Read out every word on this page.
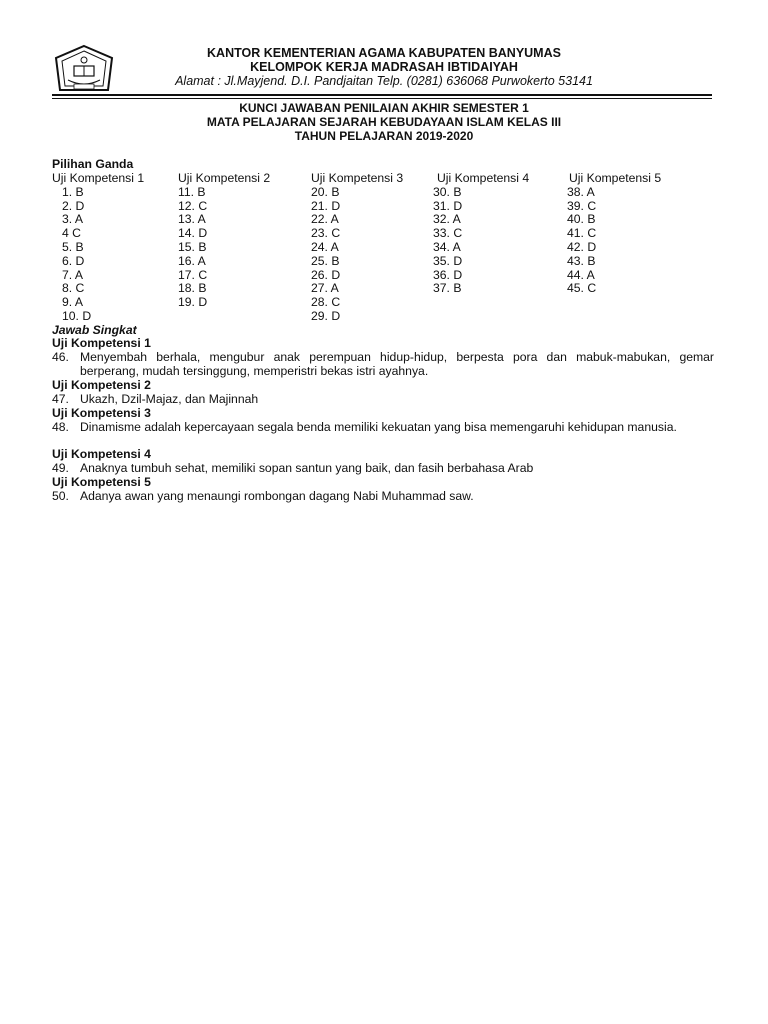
KANTOR KEMENTERIAN AGAMA KABUPATEN BANYUMAS
KELOMPOK KERJA MADRASAH IBTIDAIYAH
Alamat : Jl.Mayjend. D.I. Pandjaitan Telp. (0281) 636068 Purwokerto 53141
KUNCI JAWABAN PENILAIAN AKHIR SEMESTER 1
MATA PELAJARAN SEJARAH KEBUDAYAAN ISLAM KELAS III
TAHUN PELAJARAN 2019-2020
Pilihan Ganda
Uji Kompetensi 1
1. B
2. D
3. A
4 C
5. B
6. D
7. A
8. C
9. A
10. D
Uji Kompetensi 2
11. B
12. C
13. A
14. D
15. B
16. A
17. C
18. B
19. D
Uji Kompetensi 3
20. B
21. D
22. A
23. C
24. A
25. B
26. D
27. A
28. C
29. D
Uji Kompetensi 4
30. B
31. D
32. A
33. C
34. A
35. D
36. D
37. B
Uji Kompetensi 5
38. A
39. C
40. B
41. C
42. D
43. B
44. A
45. C
Jawab Singkat
Uji Kompetensi 1
46. Menyembah berhala, mengubur anak perempuan hidup-hidup, berpesta pora dan mabuk-mabukan, gemar berperang, mudah tersinggung, memperistri bekas istri ayahnya.
Uji Kompetensi 2
47. Ukazh, Dzil-Majaz, dan Majinnah
Uji Kompetensi 3
48. Dinamisme adalah kepercayaan segala benda memiliki kekuatan yang bisa memengaruhi kehidupan manusia.
Uji Kompetensi 4
49. Anaknya tumbuh sehat, memiliki sopan santun yang baik, dan fasih berbahasa Arab
Uji Kompetensi 5
50. Adanya awan yang menaungi rombongan dagang Nabi Muhammad saw.
